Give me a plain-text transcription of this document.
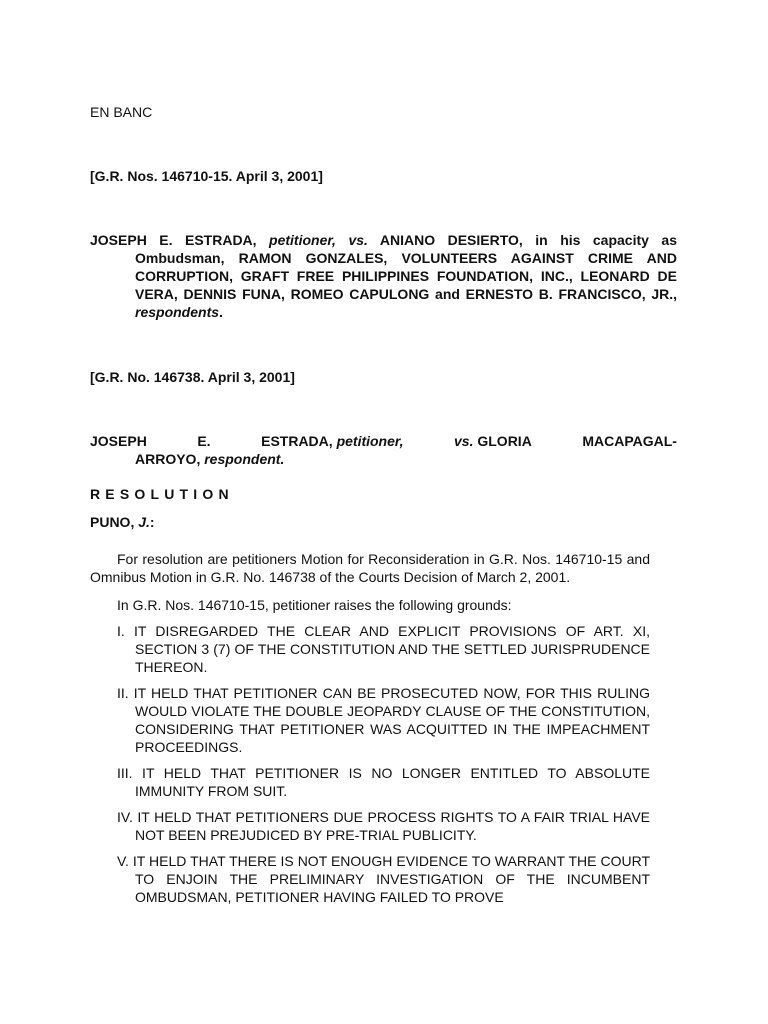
EN BANC
[G.R. Nos. 146710-15. April 3, 2001]
JOSEPH E. ESTRADA, petitioner, vs. ANIANO DESIERTO, in his capacity as Ombudsman, RAMON GONZALES, VOLUNTEERS AGAINST CRIME AND CORRUPTION, GRAFT FREE PHILIPPINES FOUNDATION, INC., LEONARD DE VERA, DENNIS FUNA, ROMEO CAPULONG and ERNESTO B. FRANCISCO, JR., respondents.
[G.R. No. 146738. April 3, 2001]
JOSEPH	E.	ESTRADA, petitioner,	vs. GLORIA	MACAPAGAL-
ARROYO, respondent.
RESOLUTION
PUNO, J.:
For resolution are petitioners Motion for Reconsideration in G.R. Nos. 146710-15 and Omnibus Motion in G.R. No. 146738 of the Courts Decision of March 2, 2001.
In G.R. Nos. 146710-15, petitioner raises the following grounds:
I. IT DISREGARDED THE CLEAR AND EXPLICIT PROVISIONS OF ART. XI, SECTION 3 (7) OF THE CONSTITUTION AND THE SETTLED JURISPRUDENCE THEREON.
II. IT HELD THAT PETITIONER CAN BE PROSECUTED NOW, FOR THIS RULING WOULD VIOLATE THE DOUBLE JEOPARDY CLAUSE OF THE CONSTITUTION, CONSIDERING THAT PETITIONER WAS ACQUITTED IN THE IMPEACHMENT PROCEEDINGS.
III. IT HELD THAT PETITIONER IS NO LONGER ENTITLED TO ABSOLUTE IMMUNITY FROM SUIT.
IV. IT HELD THAT PETITIONERS DUE PROCESS RIGHTS TO A FAIR TRIAL HAVE NOT BEEN PREJUDICED BY PRE-TRIAL PUBLICITY.
V. IT HELD THAT THERE IS NOT ENOUGH EVIDENCE TO WARRANT THE COURT TO ENJOIN THE PRELIMINARY INVESTIGATION OF THE INCUMBENT OMBUDSMAN, PETITIONER HAVING FAILED TO PROVE
